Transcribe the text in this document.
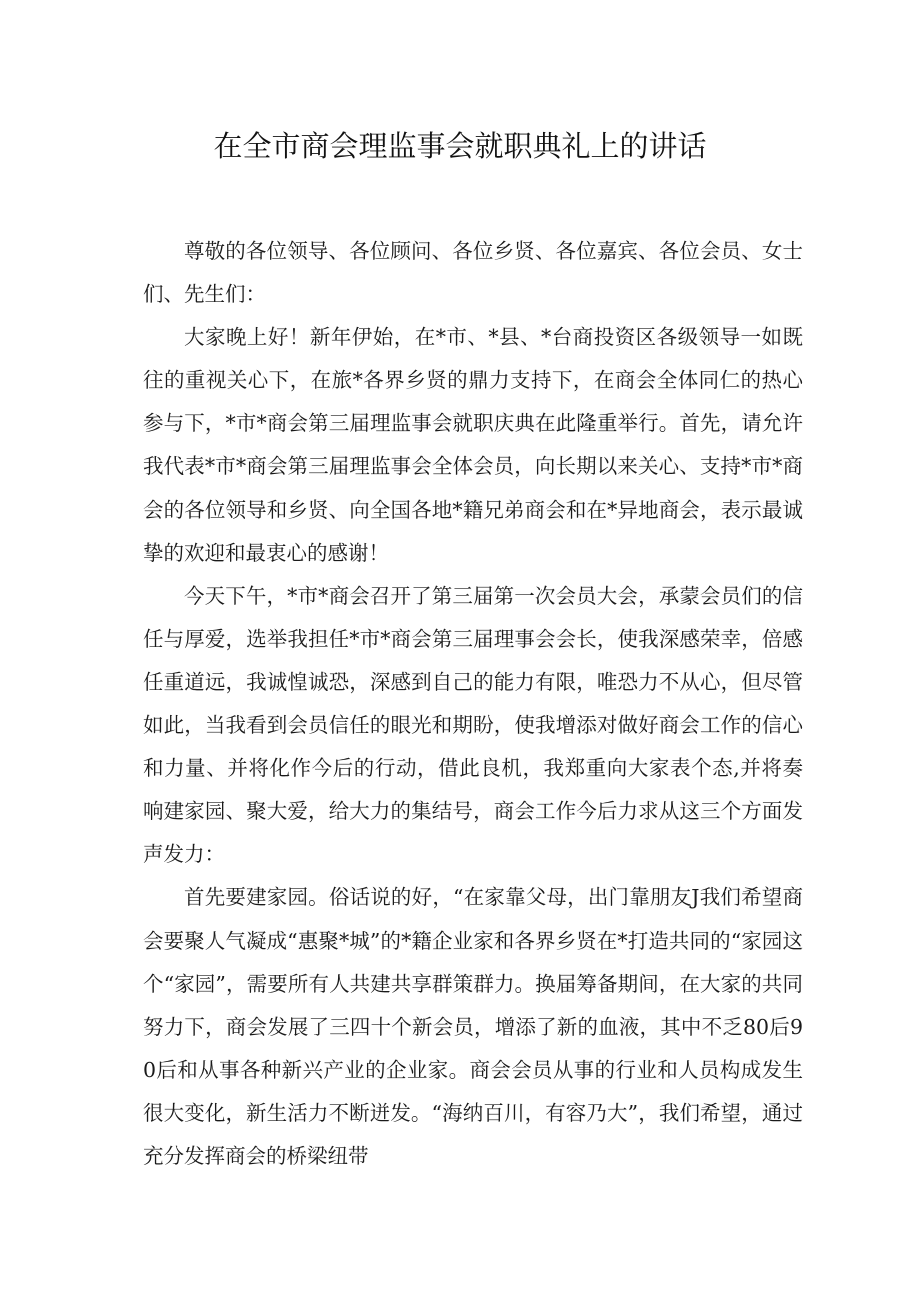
在全市商会理监事会就职典礼上的讲话

尊敬的各位领导、各位顾问、各位乡贤、各位嘉宾、各位会员、女士们、先生们：

大家晚上好！新年伊始，在*市、*县、*台商投资区各级领导一如既往的重视关心下，在旅*各界乡贤的鼎力支持下，在商会全体同仁的热心参与下，*市*商会第三届理监事会就职庆典在此隆重举行。首先，请允许我代表*市*商会第三届理监事会全体会员，向长期以来关心、支持*市*商会的各位领导和乡贤、向全国各地*籍兄弟商会和在*异地商会，表示最诚挚的欢迎和最衷心的感谢！

今天下午，*市*商会召开了第三届第一次会员大会，承蒙会员们的信任与厚爱，选举我担任*市*商会第三届理事会会长，使我深感荣幸，倍感任重道远，我诚惶诚恐，深感到自己的能力有限，唯恐力不从心，但尽管如此，当我看到会员信任的眼光和期盼，使我增添对做好商会工作的信心和力量、并将化作今后的行动，借此良机，我郑重向大家表个态,并将奏响建家园、聚大爱，给大力的集结号，商会工作今后力求从这三个方面发声发力：

首先要建家园。俗话说的好，“在家靠父母，出门靠朋友J我们希望商会要聚人气凝成“惠聚*城”的*籍企业家和各界乡贤在*打造共同的“家园这个“家园”，需要所有人共建共享群策群力。换届筹备期间，在大家的共同努力下，商会发展了三四十个新会员，增添了新的血液，其中不乏80后90后和从事各种新兴产业的企业家。商会会员从事的行业和人员构成发生很大变化，新生活力不断迸发。“海纳百川，有容乃大”，我们希望，通过充分发挥商会的桥梁纽带
